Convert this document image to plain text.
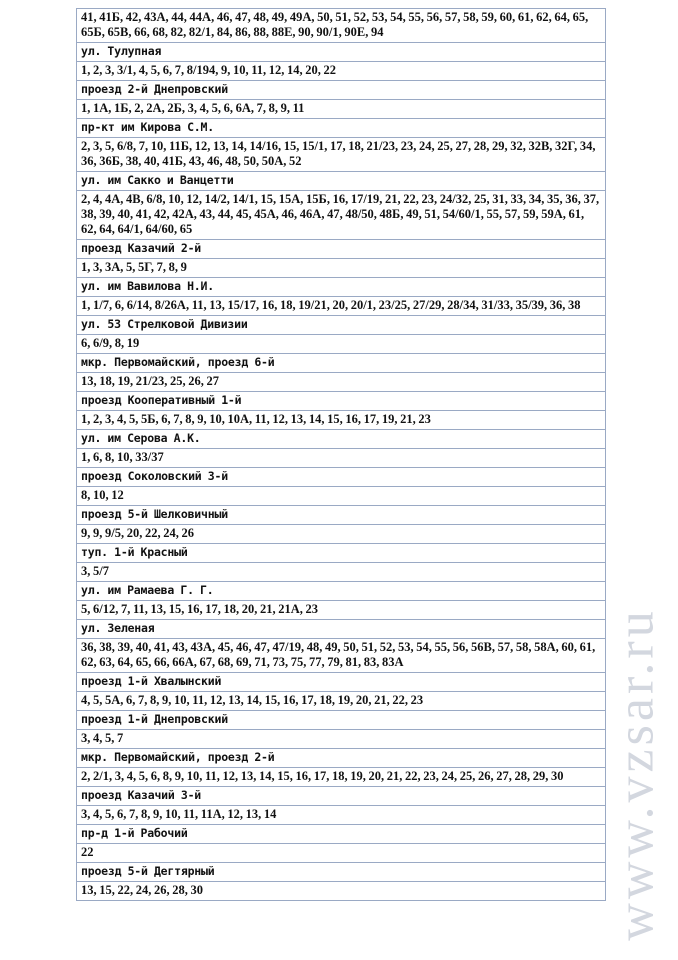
41, 41Б, 42, 43А, 44, 44А, 46, 47, 48, 49, 49А, 50, 51, 52, 53, 54, 55, 56, 57, 58, 59, 60, 61, 62, 64, 65, 65Б, 65В, 66, 68, 82, 82/1, 84, 86, 88, 88Е, 90, 90/1, 90Е, 94
ул. Тулупная
1, 2, 3, 3/1, 4, 5, 6, 7, 8/194, 9, 10, 11, 12, 14, 20, 22
проезд 2-й Днепровский
1, 1А, 1Б, 2, 2А, 2Б, 3, 4, 5, 6, 6А, 7, 8, 9, 11
пр-кт им Кирова С.М.
2, 3, 5, 6/8, 7, 10, 11Б, 12, 13, 14, 14/16, 15, 15/1, 17, 18, 21/23, 23, 24, 25, 27, 28, 29, 32, 32В, 32Г, 34, 36, 36Б, 38, 40, 41Б, 43, 46, 48, 50, 50А, 52
ул. им Сакко и Ванцетти
2, 4, 4А, 4В, 6/8, 10, 12, 14/2, 14/1, 15, 15А, 15Б, 16, 17/19, 21, 22, 23, 24/32, 25, 31, 33, 34, 35, 36, 37, 38, 39, 40, 41, 42, 42А, 43, 44, 45, 45А, 46, 46А, 47, 48/50, 48Б, 49, 51, 54/60/1, 55, 57, 59, 59А, 61, 62, 64, 64/1, 64/60, 65
проезд Казачий 2-й
1, 3, 3А, 5, 5Г, 7, 8, 9
ул. им Вавилова Н.И.
1, 1/7, 6, 6/14, 8/26А, 11, 13, 15/17, 16, 18, 19/21, 20, 20/1, 23/25, 27/29, 28/34, 31/33, 35/39, 36, 38
ул. 53 Стрелковой Дивизии
6, 6/9, 8, 19
мкр. Первомайский, проезд 6-й
13, 18, 19, 21/23, 25, 26, 27
проезд Кооперативный 1-й
1, 2, 3, 4, 5, 5Б, 6, 7, 8, 9, 10, 10А, 11, 12, 13, 14, 15, 16, 17, 19, 21, 23
ул. им Серова А.К.
1, 6, 8, 10, 33/37
проезд Соколовский 3-й
8, 10, 12
проезд 5-й Шелковичный
9, 9, 9/5, 20, 22, 24, 26
туп. 1-й Красный
3, 5/7
ул. им Рамаева Г. Г.
5, 6/12, 7, 11, 13, 15, 16, 17, 18, 20, 21, 21А, 23
ул. Зеленая
36, 38, 39, 40, 41, 43, 43А, 45, 46, 47, 47/19, 48, 49, 50, 51, 52, 53, 54, 55, 56, 56В, 57, 58, 58А, 60, 61, 62, 63, 64, 65, 66, 66А, 67, 68, 69, 71, 73, 75, 77, 79, 81, 83, 83А
проезд 1-й Хвалынский
4, 5, 5А, 6, 7, 8, 9, 10, 11, 12, 13, 14, 15, 16, 17, 18, 19, 20, 21, 22, 23
проезд 1-й Днепровский
3, 4, 5, 7
мкр. Первомайский, проезд 2-й
2, 2/1, 3, 4, 5, 6, 8, 9, 10, 11, 12, 13, 14, 15, 16, 17, 18, 19, 20, 21, 22, 23, 24, 25, 26, 27, 28, 29, 30
проезд Казачий 3-й
3, 4, 5, 6, 7, 8, 9, 10, 11, 11А, 12, 13, 14
пр-д 1-й Рабочий
22
проезд 5-й Дегтярный
13, 15, 22, 24, 26, 28, 30	www.vzsar.ru
